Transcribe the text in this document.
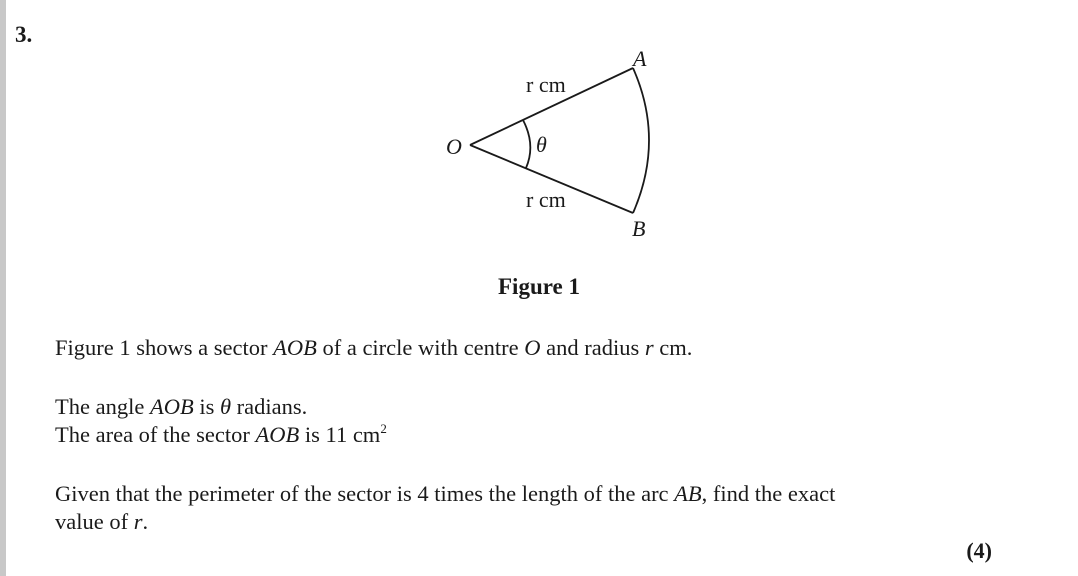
3.
O
A
B
θ
r cm
r cm
Figure 1

Figure 1 shows a sector AOB of a circle with centre O and radius r cm.

The angle AOB is θ radians.
The area of the sector AOB is 11 $cm^2$

Given that the perimeter of the sector is 4 times the length of the arc AB, find the exact
value of r.

(4)
